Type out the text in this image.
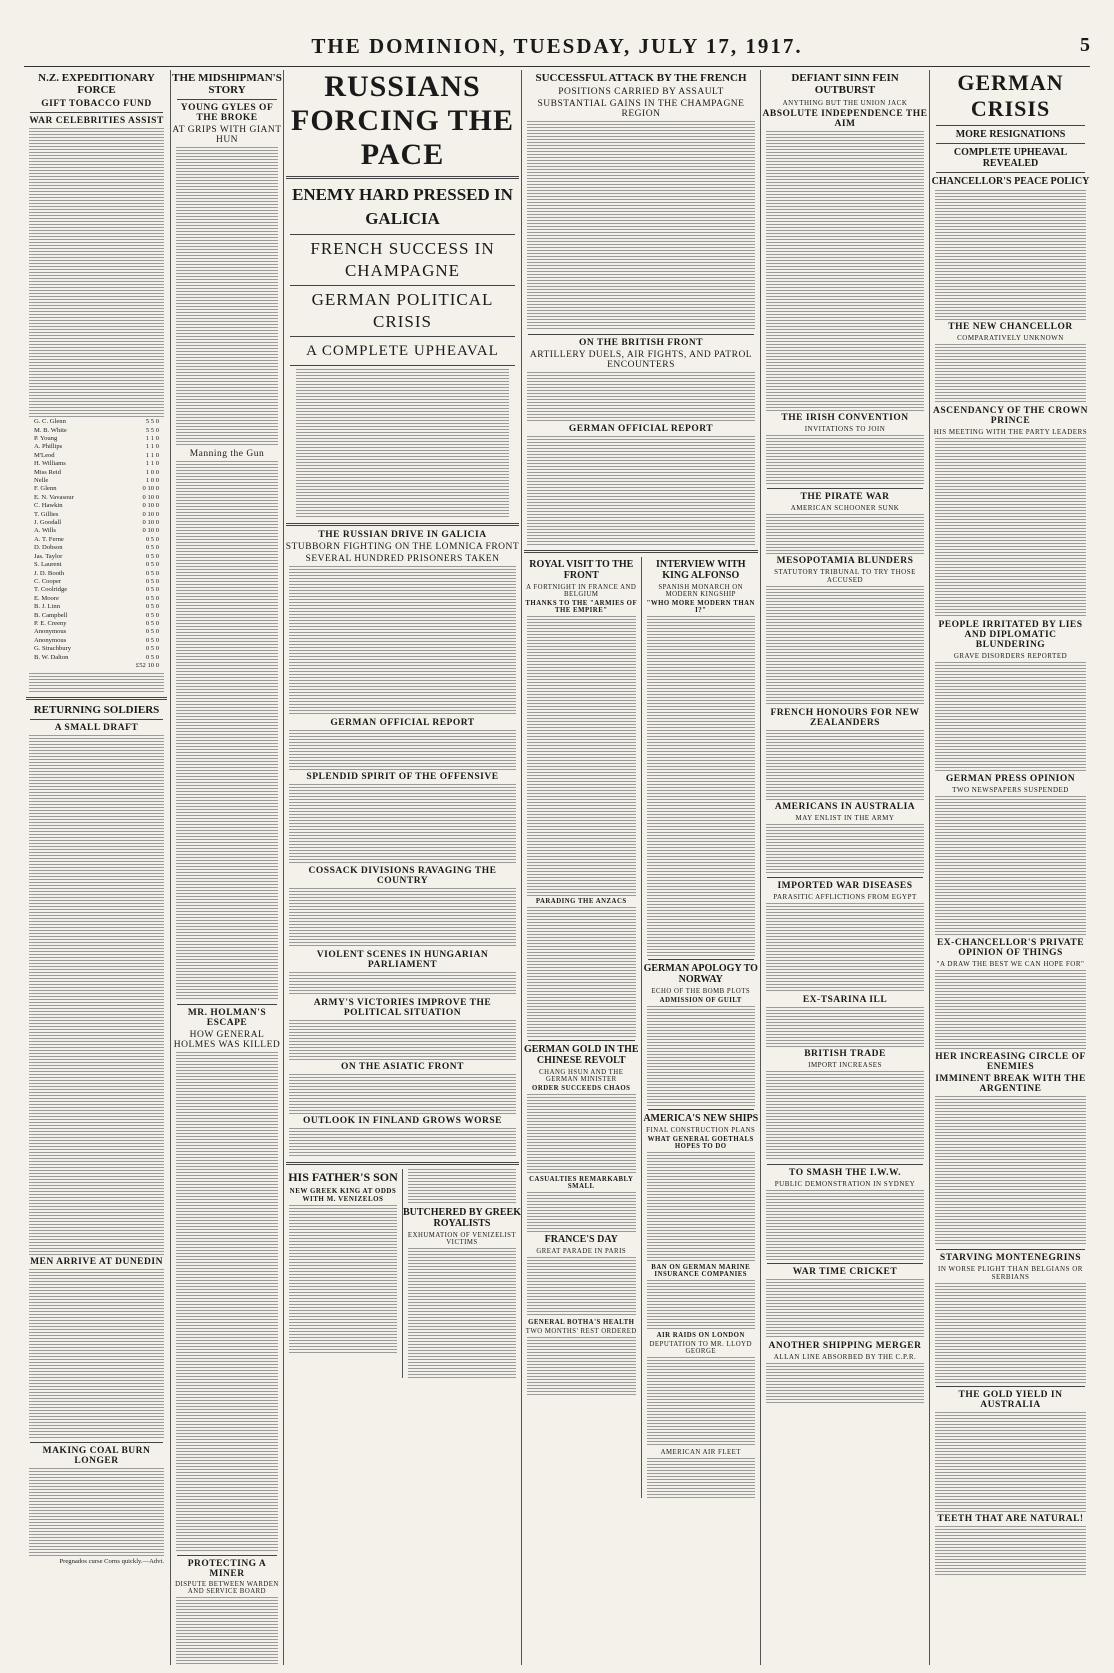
THE DOMINION, TUESDAY, JULY 17, 1917.	5
N.Z. EXPEDITIONARY FORCE
GIFT TOBACCO FUND
WAR CELEBRITIES ASSIST
G. C. Glenn	5 5 0
M. B. White	5 5 0
P. Young	1 1 0
A. Phillips	1 1 0
M'Leod	1 1 0
H. Williams	1 1 0
Miss Reid	1 0 0
Nelle	1 0 0
F. Glenn	0 10 0
E. N. Vavasour	0 10 0
C. Hawkin	0 10 0
T. Gillies	0 10 0
J. Goodall	0 10 0
A. Wills	0 10 0
A. T. Ferne	0 5 0
D. Dobson	0 5 0
Jas. Taylor	0 5 0
S. Laurent	0 5 0
J. D. Booth	0 5 0
C. Cooper	0 5 0
T. Coolridge	0 5 0
E. Moore	0 5 0
B. J. Linn	0 5 0
B. Campbell	0 5 0
P. E. Creeny	0 5 0
Anonymous	0 5 0
Anonymous	0 5 0
G. Strachbury	0 5 0
B. W. Dalton	0 5 0
£52 10 0
RETURNING SOLDIERS
A SMALL DRAFT
MEN ARRIVE AT DUNEDIN
MAKING COAL BURN LONGER
Pregnados curse Corns quickly.—Advt.
THE MIDSHIPMAN'S STORY
YOUNG GYLES OF THE BROKE
AT GRIPS WITH GIANT HUN
Manning the Gun
MR. HOLMAN'S ESCAPE
HOW GENERAL HOLMES WAS KILLED
PROTECTING A MINER
DISPUTE BETWEEN WARDEN AND SERVICE BOARD
RUSSIANS FORCING THE PACE
ENEMY HARD PRESSED IN GALICIA
FRENCH SUCCESS IN CHAMPAGNE
GERMAN POLITICAL CRISIS
A COMPLETE UPHEAVAL
THE RUSSIAN DRIVE IN GALICIA
STUBBORN FIGHTING ON THE LOMNICA FRONT
SEVERAL HUNDRED PRISONERS TAKEN
GERMAN OFFICIAL REPORT
SPLENDID SPIRIT OF THE OFFENSIVE
COSSACK DIVISIONS RAVAGING THE COUNTRY
VIOLENT SCENES IN HUNGARIAN PARLIAMENT
ARMY'S VICTORIES IMPROVE THE POLITICAL SITUATION
ON THE ASIATIC FRONT
OUTLOOK IN FINLAND GROWS WORSE
HIS FATHER'S SON
NEW GREEK KING AT ODDS WITH M. VENIZELOS
BUTCHERED BY GREEK ROYALISTS
EXHUMATION OF VENIZELIST VICTIMS
SUCCESSFUL ATTACK BY THE FRENCH
POSITIONS CARRIED BY ASSAULT
SUBSTANTIAL GAINS IN THE CHAMPAGNE REGION
ON THE BRITISH FRONT
ARTILLERY DUELS, AIR FIGHTS, AND PATROL ENCOUNTERS
GERMAN OFFICIAL REPORT
ROYAL VISIT TO THE FRONT
A FORTNIGHT IN FRANCE AND BELGIUM
THANKS TO THE "ARMIES OF THE EMPIRE"
PARADING THE ANZACS
GERMAN GOLD IN THE CHINESE REVOLT
CHANG HSUN AND THE GERMAN MINISTER
ORDER SUCCEEDS CHAOS
CASUALTIES REMARKABLY SMALL
FRANCE'S DAY
GREAT PARADE IN PARIS
GENERAL BOTHA'S HEALTH
TWO MONTHS' REST ORDERED
INTERVIEW WITH KING ALFONSO
SPANISH MONARCH ON MODERN KINGSHIP
"WHO MORE MODERN THAN I?"
GERMAN APOLOGY TO NORWAY
ECHO OF THE BOMB PLOTS
ADMISSION OF GUILT
AMERICA'S NEW SHIPS
FINAL CONSTRUCTION PLANS
WHAT GENERAL GOETHALS HOPES TO DO
BAN ON GERMAN MARINE INSURANCE COMPANIES
AIR RAIDS ON LONDON
DEPUTATION TO MR. LLOYD GEORGE
AMERICAN AIR FLEET
DEFIANT SINN FEIN OUTBURST
ANYTHING BUT THE UNION JACK
ABSOLUTE INDEPENDENCE THE AIM
THE IRISH CONVENTION
INVITATIONS TO JOIN
THE PIRATE WAR
AMERICAN SCHOONER SUNK
MESOPOTAMIA BLUNDERS
STATUTORY TRIBUNAL TO TRY THOSE ACCUSED
FRENCH HONOURS FOR NEW ZEALANDERS
AMERICANS IN AUSTRALIA
MAY ENLIST IN THE ARMY
IMPORTED WAR DISEASES
PARASITIC AFFLICTIONS FROM EGYPT
EX-TSARINA ILL
BRITISH TRADE
IMPORT INCREASES
TO SMASH THE I.W.W.
PUBLIC DEMONSTRATION IN SYDNEY
WAR TIME CRICKET
ANOTHER SHIPPING MERGER
ALLAN LINE ABSORBED BY THE C.P.R.
GERMAN CRISIS
MORE RESIGNATIONS
COMPLETE UPHEAVAL REVEALED
CHANCELLOR'S PEACE POLICY
THE NEW CHANCELLOR
COMPARATIVELY UNKNOWN
ASCENDANCY OF THE CROWN PRINCE
HIS MEETING WITH THE PARTY LEADERS
PEOPLE IRRITATED BY LIES AND DIPLOMATIC BLUNDERING
GRAVE DISORDERS REPORTED
GERMAN PRESS OPINION
TWO NEWSPAPERS SUSPENDED
EX-CHANCELLOR'S PRIVATE OPINION OF THINGS
"A DRAW THE BEST WE CAN HOPE FOR"
HER INCREASING CIRCLE OF ENEMIES
IMMINENT BREAK WITH THE ARGENTINE
STARVING MONTENEGRINS
IN WORSE PLIGHT THAN BELGIANS OR SERBIANS
THE GOLD YIELD IN AUSTRALIA
TEETH THAT ARE NATURAL!
